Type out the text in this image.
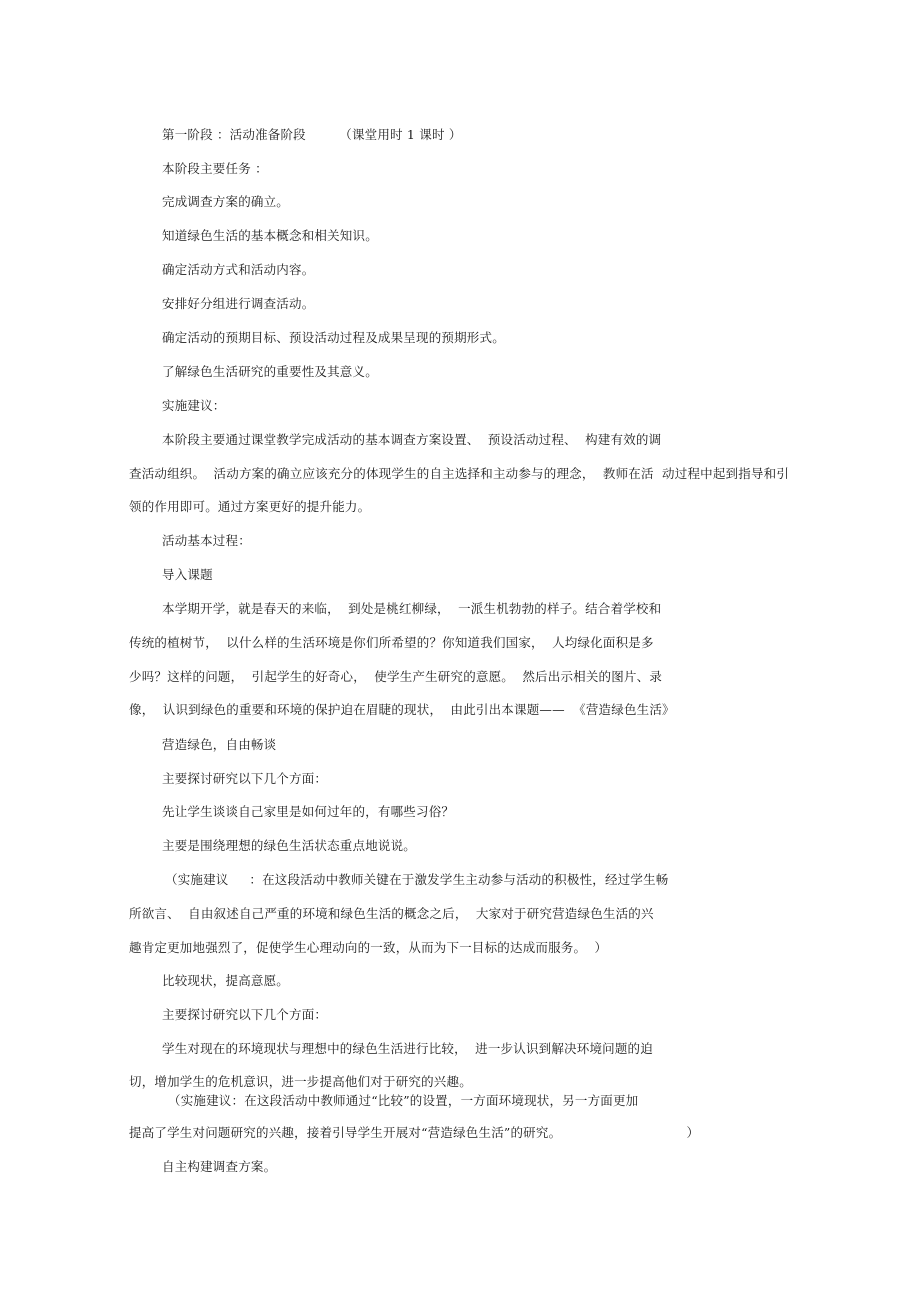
第一阶段 ：活动准备阶段        （课堂用时 1 课时 ）
本阶段主要任务 ：
完成调查方案的确立。
知道绿色生活的基本概念和相关知识。
确定活动方式和活动内容。
安排好分组进行调查活动。
确定活动的预期目标、预设活动过程及成果呈现的预期形式。
了解绿色生活研究的重要性及其意义。
实施建议：
本阶段主要通过课堂教学完成活动的基本调查方案设置、  预设活动过程、  构建有效的调
查活动组织。  活动方案的确立应该充分的体现学生的自主选择和主动参与的理念，  教师在活  动过程中起到指导和引
领的作用即可。通过方案更好的提升能力。
活动基本过程：
导入课题
本学期开学，就是春天的来临，  到处是桃红柳绿，  一派生机勃勃的样子。结合着学校和
传统的植树节，  以什么样的生活环境是你们所希望的？你知道我们国家，  人均绿化面积是多
少吗？这样的问题，  引起学生的好奇心，  使学生产生研究的意愿。  然后出示相关的图片、录
像，  认识到绿色的重要和环境的保护迫在眉睫的现状，  由此引出本课题——  《营造绿色生活》
营造绿色，自由畅谈
主要探讨研究以下几个方面：
先让学生谈谈自己家里是如何过年的，有哪些习俗？
主要是围绕理想的绿色生活状态重点地说说。
（实施建议     ：在这段活动中教师关键在于激发学生主动参与活动的积极性，经过学生畅
所欲言、  自由叙述自己严重的环境和绿色生活的概念之后，  大家对于研究营造绿色生活的兴
趣肯定更加地强烈了，促使学生心理动向的一致，从而为下一目标的达成而服务。  ）
比较现状，提高意愿。
主要探讨研究以下几个方面：
学生对现在的环境现状与理想中的绿色生活进行比较，  进一步认识到解决环境问题的迫
切，增加学生的危机意识，进一步提高他们对于研究的兴趣。
（实施建议：在这段活动中教师通过“比较”的设置，一方面环境现状，另一方面更加
提高了学生对问题研究的兴趣，接着引导学生开展对“营造绿色生活”的研究。                              ）
自主构建调查方案。
